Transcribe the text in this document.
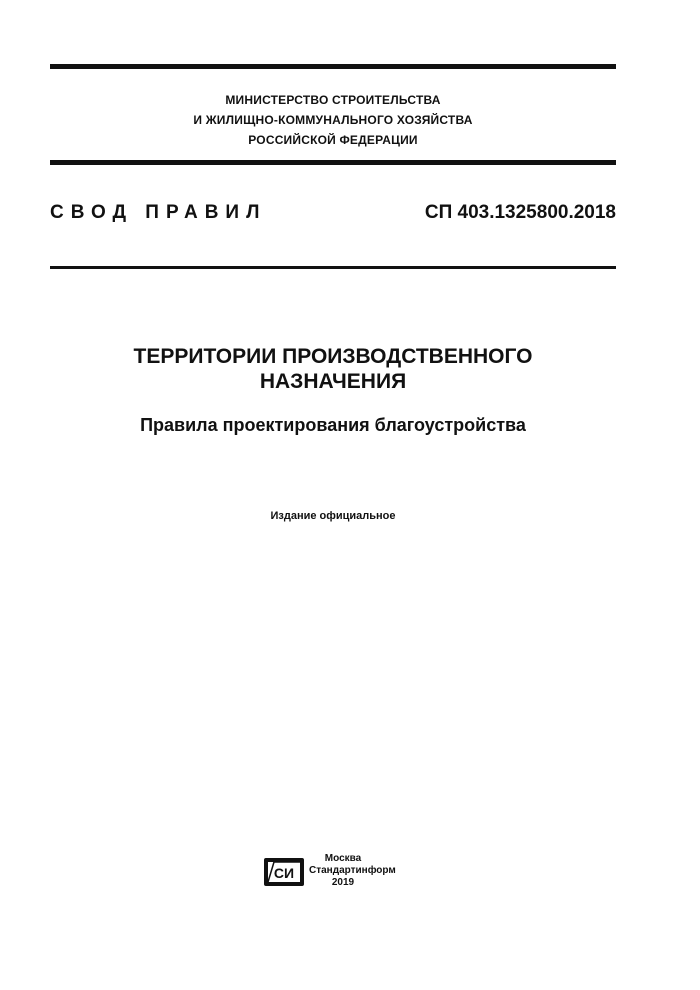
МИНИСТЕРСТВО СТРОИТЕЛЬСТВА
И ЖИЛИЩНО-КОММУНАЛЬНОГО ХОЗЯЙСТВА
РОССИЙСКОЙ ФЕДЕРАЦИИ
СВОД ПРАВИЛ	СП 403.1325800.2018
ТЕРРИТОРИИ ПРОИЗВОДСТВЕННОГО
НАЗНАЧЕНИЯ
Правила проектирования благоустройства
Издание официальное
СИ
Москва
Стандартинформ
2019
